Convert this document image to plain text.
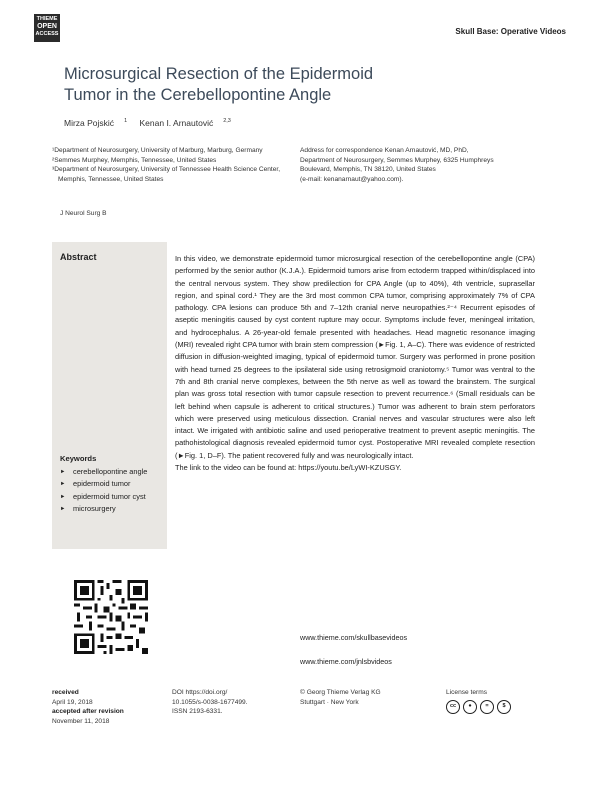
THIEME
OPEN
ACCESS	Skull Base: Operative Videos
Microsurgical Resection of the Epidermoid
Tumor in the Cerebellopontine Angle
Mirza Pojskić $^1$ Kenan I. Arnautović $^{2,3}$

¹Department of Neurosurgery, University of Marburg, Marburg, Germany

²Semmes Murphey, Memphis, Tennessee, United States

³Department of Neurosurgery, University of Tennessee Health Science Center, Memphis, Tennessee, United States

Address for correspondence Kenan Arnautović, MD, PhD,
Department of Neurosurgery, Semmes Murphey, 6325 Humphreys
Boulevard, Memphis, TN 38120, United States
(e-mail: kenanarnaut@yahoo.com).
J Neurol Surg B
Abstract
Keywords
► cerebellopontine angle
► epidermoid tumor
► epidermoid tumor cyst
► microsurgery

In this video, we demonstrate epidermoid tumor microsurgical resection of the cerebellopontine angle (CPA) performed by the senior author (K.J.A.). Epidermoid tumors arise from ectoderm trapped within/displaced into the central nervous system. They show predilection for CPA Angle (up to 40%), 4th ventricle, suprasellar region, and spinal cord.¹ They are the 3rd most common CPA tumor, comprising approximately 7% of CPA pathology. CPA lesions can produce 5th and 7–12th cranial nerve neuropathies.²⁻⁴ Recurrent episodes of aseptic meningitis caused by cyst content rupture may occur. Symptoms include fever, meningeal irritation, and hydrocephalus. A 26-year-old female presented with headaches. Head magnetic resonance imaging (MRI) revealed right CPA tumor with brain stem compression (►Fig. 1, A–C). There was evidence of restricted diffusion in diffusion-weighted imaging, typical of epidermoid tumor. Surgery was performed in prone position with head turned 25 degrees to the ipsilateral side using retrosigmoid craniotomy.⁵ Tumor was ventral to the 7th and 8th cranial nerve complexes, between the 5th nerve as well as toward the brainstem. The surgical plan was gross total resection with tumor capsule resection to prevent recurrence.⁶ (Small residuals can be left behind when capsule is adherent to critical structures.) Tumor was adherent to brain stem perforators which were preserved using meticulous dissection. Cranial nerves and vascular structures were also left intact. We irrigated with antibiotic saline and used perioperative treatment to prevent aseptic meningitis. The pathohistological diagnosis revealed epidermoid tumor cyst. Postoperative MRI revealed complete resection (►Fig. 1, D–F). The patient recovered fully and was neurologically intact.

The link to the video can be found at: https://youtu.be/LyWI-KZUSGY.

www.thieme.com/skullbasevideos
www.thieme.com/jnlsbvideos
received
April 19, 2018
accepted after revision
November 11, 2018
DOI https://doi.org/
10.1055/s-0038-1677499.
ISSN 2193-6331.
© Georg Thieme Verlag KG
Stuttgart · New York
License terms
cc	●	=	$
